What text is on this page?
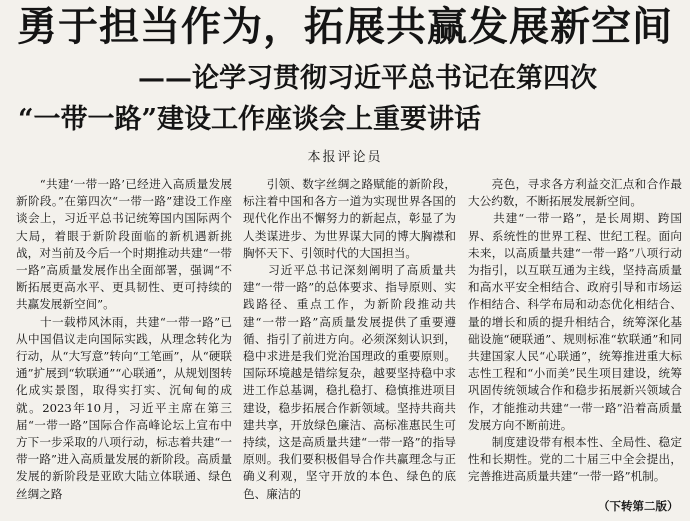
勇于担当作为，拓展共赢发展新空间
——论学习贯彻习近平总书记在第四次
“一带一路”建设工作座谈会上重要讲话
本报评论员

　　“共建‘一带一路’已经进入高质量发展新阶段。”在第四次“一带一路”建设工作座谈会上，习近平总书记统筹国内国际两个大局，着眼于新阶段面临的新机遇新挑战，对当前及今后一个时期推动共建“一带一路”高质量发展作出全面部署，强调“不断拓展更高水平、更具韧性、更可持续的共赢发展新空间”。

　　十一载栉风沐雨，共建“一带一路”已从中国倡议走向国际实践，从理念转化为行动，从“大写意”转向“工笔画”，从“硬联通”扩展到“软联通”“心联通”，从规划图转化成实景图，取得实打实、沉甸甸的成就。2023年10月，习近平主席在第三届“一带一路”国际合作高峰论坛上宣布中方下一步采取的八项行动，标志着共建“一带一路”进入高质量发展的新阶段。高质量发展的新阶段是亚欧大陆立体联通、绿色丝绸之路

　　引领、数字丝绸之路赋能的新阶段，标注着中国和各方一道为实现世界各国的现代化作出不懈努力的新起点，彰显了为人类谋进步、为世界谋大同的博大胸襟和胸怀天下、引领时代的大国担当。

　　习近平总书记深刻阐明了高质量共建“一带一路”的总体要求、指导原则、实践路径、重点工作，为新阶段推动共建“一带一路”高质量发展提供了重要遵循、指引了前进方向。必须深刻认识到，稳中求进是我们党治国理政的重要原则。国际环境越是错综复杂，越要坚持稳中求进工作总基调，稳扎稳打、稳慎推进项目建设，稳步拓展合作新领域。坚持共商共建共享，开放绿色廉洁、高标准惠民生可持续，这是高质量共建“一带一路”的指导原则。我们要积极倡导合作共赢理念与正确义利观，坚守开放的本色、绿色的底色、廉洁的

　　亮色，寻求各方利益交汇点和合作最大公约数，不断拓展发展新空间。

　　共建“一带一路”，是长周期、跨国界、系统性的世界工程、世纪工程。面向未来，以高质量共建“一带一路”八项行动为指引，以互联互通为主线，坚持高质量和高水平安全相结合、政府引导和市场运作相结合、科学布局和动态优化相结合、量的增长和质的提升相结合，统筹深化基础设施“硬联通”、规则标准“软联通”和同共建国家人民“心联通”，统筹推进重大标志性工程和“小而美”民生项目建设，统筹巩固传统领域合作和稳步拓展新兴领域合作，才能推动共建“一带一路”沿着高质量发展方向不断前进。

　　制度建设带有根本性、全局性、稳定性和长期性。党的二十届三中全会提出，完善推进高质量共建“一带一路”机制。

（下转第二版）
